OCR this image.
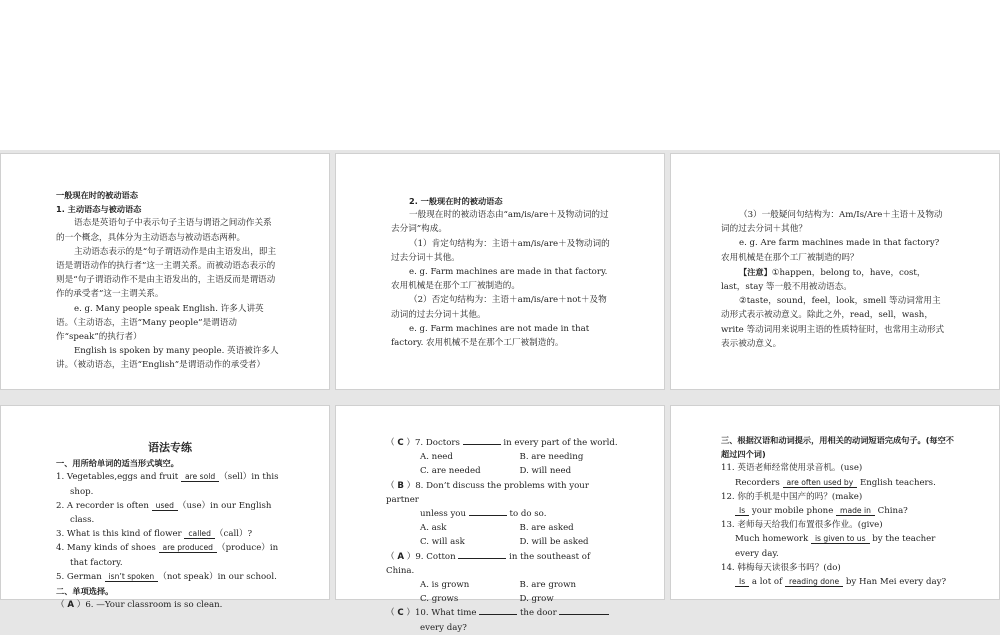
一般现在时的被动语态

1. 主动语态与被动语态

语态是英语句子中表示句子主语与谓语之间动作关系的一个概念，具体分为主动语态与被动语态两种。

主动语态表示的是“句子谓语动作是由主语发出，即主语是谓语动作的执行者”这一主谓关系。而被动语态表示的则是“句子谓语动作不是由主语发出的，主语反而是谓语动作的承受者”这一主谓关系。

e. g. Many people speak English. 许多人讲英语。（主动语态，主语“Many people”是谓语动作“speak”的执行者）

English is spoken by many people. 英语被许多人讲。（被动语态，主语“English”是谓语动作的承受者）

2. 一般现在时的被动语态

一般现在时的被动语态由“am/is/are＋及物动词的过去分词”构成。

（1）肯定句结构为：主语＋am/is/are＋及物动词的过去分词＋其他。

e. g. Farm machines are made in that factory. 农用机械是在那个工厂被制造的。

（2）否定句结构为：主语＋am/is/are＋not＋及物动词的过去分词＋其他。

e. g. Farm machines are not made in that factory. 农用机械不是在那个工厂被制造的。

（3）一般疑问句结构为：Am/Is/Are＋主语＋及物动词的过去分词＋其他？

e. g. Are farm machines made in that factory? 农用机械是在那个工厂被制造的吗？

【注意】①happen，belong to，have，cost，last，stay 等一般不用被动语态。

②taste，sound，feel，look，smell 等动词常用主动形式表示被动意义。除此之外，read，sell，wash，write 等动词用来说明主语的性质特征时，也常用主动形式表示被动意义。

语法专练

一、用所给单词的适当形式填空。

1. Vegetables,eggs and fruit are sold （sell）in this shop.

2. A recorder is often used （use）in our English class.

3. What is this kind of flower called （call）?

4. Many kinds of shoes are produced （produce）in that factory.

5. German isn’t spoken （not speak）in our school.

二、单项选择。

（ A ）6. —Your classroom is so clean.

（ C ）7. Doctors	in every part of the world.

A. need	B. are needing
C. are needed	D. will need

（ B ）8. Don’t discuss the problems with your partner

unless you	to do so.

A. ask	B. are asked
C. will ask	D. will be asked

（ A ）9. Cotton	in the southeast of China.

A. is grown	B. are grown
C. grows	D. grow

（ C ）10. What time	the door

every day?

三、根据汉语和动词提示，用相关的动词短语完成句子。(每空不超过四个词)

11. 英语老师经常使用录音机。(use)

Recorders are often used by English teachers.

12. 你的手机是中国产的吗？(make)

Is your mobile phone made in China?

13. 老师每天给我们布置很多作业。(give)

Much homework is given to us by the teacher every day.

14. 韩梅每天读很多书吗？(do)

Is a lot of reading done by Han Mei every day?
